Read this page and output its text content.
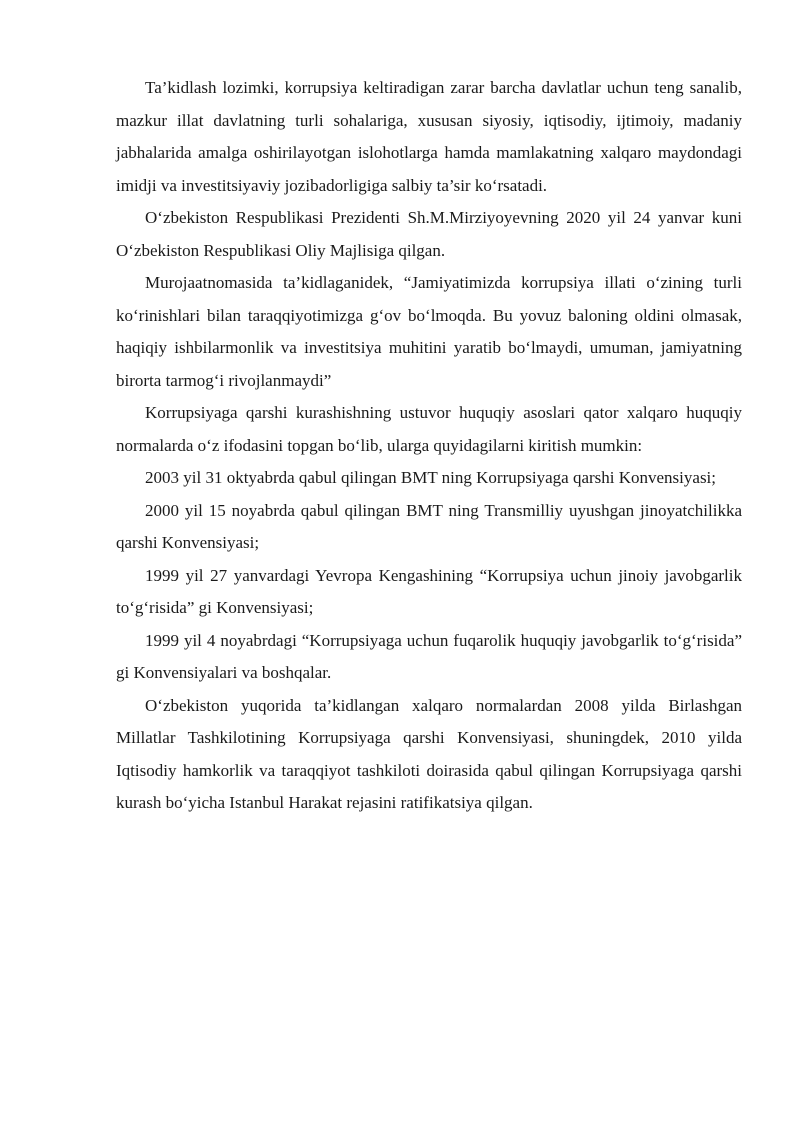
Ta’kidlash lozimki, korrupsiya keltiradigan zarar barcha davlatlar uchun teng sanalib, mazkur illat davlatning turli sohalariga, xususan siyosiy, iqtisodiy, ijtimoiy, madaniy jabhalarida amalga oshirilayotgan islohotlarga hamda mamlakatning xalqaro maydondagi imidji va investitsiyaviy jozibadorligiga salbiy ta’sir ko‘rsatadi.

O‘zbekiston Respublikasi Prezidenti Sh.M.Mirziyoyevning 2020 yil 24 yanvar kuni O‘zbekiston Respublikasi Oliy Majlisiga qilgan.

Murojaatnomasida ta’kidlaganidek, “Jamiyatimizda korrupsiya illati o‘zining turli ko‘rinishlari bilan taraqqiyotimizga g‘ov bo‘lmoqda. Bu yovuz baloning oldini olmasak, haqiqiy ishbilarmonlik va investitsiya muhitini yaratib bo‘lmaydi, umuman, jamiyatning birorta tarmog‘i rivojlanmaydi”

Korrupsiyaga qarshi kurashishning ustuvor huquqiy asoslari qator xalqaro huquqiy normalarda o‘z ifodasini topgan bo‘lib, ularga quyidagilarni kiritish mumkin:

2003 yil 31 oktyabrda qabul qilingan BMT ning Korrupsiyaga qarshi Konvensiyasi;

2000 yil 15 noyabrda qabul qilingan BMT ning Transmilliy uyushgan jinoyatchilikka qarshi Konvensiyasi;

1999 yil 27 yanvardagi Yevropa Kengashining “Korrupsiya uchun jinoiy javobgarlik to‘g‘risida” gi Konvensiyasi;

1999 yil 4 noyabrdagi “Korrupsiyaga uchun fuqarolik huquqiy javobgarlik to‘g‘risida” gi Konvensiyalari va boshqalar.

O‘zbekiston yuqorida ta’kidlangan xalqaro normalardan 2008 yilda Birlashgan Millatlar Tashkilotining Korrupsiyaga qarshi Konvensiyasi, shuningdek, 2010 yilda Iqtisodiy hamkorlik va taraqqiyot tashkiloti doirasida qabul qilingan Korrupsiyaga qarshi kurash bo‘yicha Istanbul Harakat rejasini ratifikatsiya qilgan.
